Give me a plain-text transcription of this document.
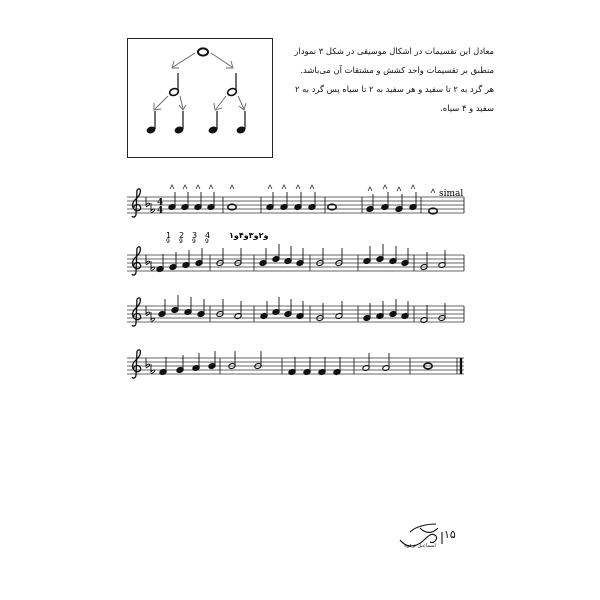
معادل این تقسیمات در اشکال موسیقی در شکل ۳ نمودار

منطبق بر تقسیمات واحد کشش و مشتقات آن می‌باشد.

هر گرد به ۲ تا سفید و هر سفید به ۲ تا سیاه پس گرد به ۲

سفید و ۴ سیاه.

4
4
simal
1 2 3 4
9 9 9 9
۱و۲و۳و۴و
۱۵
اسماعیل ترقوه
